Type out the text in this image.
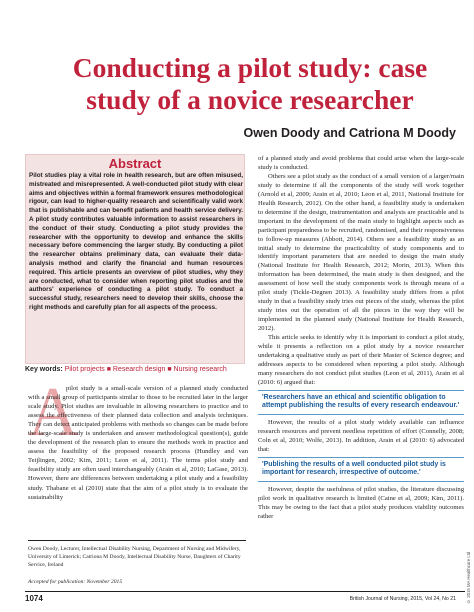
Conducting a pilot study: case study of a novice researcher
Owen Doody and Catriona M Doody
Abstract

Pilot studies play a vital role in health research, but are often misused, mistreated and misrepresented. A well-conducted pilot study with clear aims and objectives within a formal framework ensures methodological rigour, can lead to higher-quality research and scientifically valid work that is publishable and can benefit patients and health service delivery. A pilot study contributes valuable information to assist researchers in the conduct of their study. Conducting a pilot study provides the researcher with the opportunity to develop and enhance the skills necessary before commencing the larger study. By conducting a pilot the researcher obtains preliminary data, can evaluate their data-analysis method and clarify the financial and human resources required. This article presents an overview of pilot studies, why they are conducted, what to consider when reporting pilot studies and the authors' experience of conducting a pilot study. To conduct a successful study, researchers need to develop their skills, choose the right methods and carefully plan for all aspects of the process.

Key words: Pilot projects ■ Research design ■ Nursing research
A

pilot study is a small-scale version of a planned study conducted with a small group of participants similar to those to be recruited later in the larger scale study. Pilot studies are invaluable in allowing researchers to practice and to assess the effectiveness of their planned data collection and analysis techniques. They can detect anticipated problems with methods so changes can be made before the large-scale study is undertaken and answer methodological question(s), guide the development of the research plan to ensure the methods work in practice and assess the feasibility of the proposed research process (Hundley and van Teijlingen, 2002; Kim, 2011; Leon et al, 2011). The terms pilot study and feasibility study are often used interchangeably (Arain et al, 2010; LaGase, 2013). However, there are differences between undertaking a pilot study and a feasibility study. Thabane et al (2010) state that the aim of a pilot study is to evaluate the sustainability

Owen Doody, Lecturer, Intellectual Disability Nursing, Department of Nursing and Midwifery, University of Limerick; Catriona M Doody, Intellectual Disability Nurse, Daughters of Charity Service, Ireland

Accepted for publication: November 2015

of a planned study and avoid problems that could arise when the large-scale study is conducted.

Others see a pilot study as the conduct of a small version of a larger/main study to determine if all the components of the study will work together (Arnold et al, 2009; Arain et al, 2010; Leon et al, 2011, National Institute for Health Research, 2012). On the other hand, a feasibility study is undertaken to determine if the design, instrumentation and analysis are practicable and is important in the development of the main study to highlight aspects such as participant preparedness to be recruited, randomised, and their responsiveness to follow-up measures (Abbott, 2014). Others see a feasibility study as an initial study to determine the practicability of study components and to identify important parameters that are needed to design the main study (National Institute for Health Research, 2012; Morin, 2013). When this information has been determined, the main study is then designed, and the assessment of how well the study components work is through means of a pilot study (Tickle-Degnen 2013). A feasibility study differs from a pilot study in that a feasibility study tries out pieces of the study, whereas the pilot study tries out the operation of all the pieces in the way they will be implemented in the planned study (National Institute for Health Research, 2012).

This article seeks to identify why it is important to conduct a pilot study, while it presents a reflection on a pilot study by a novice researcher undertaking a qualitative study as part of their Master of Science degree; and addresses aspects to be considered when reporting a pilot study. Although many researchers do not conduct pilot studies (Leon et al, 2011), Arain et al (2010: 6) argued that:

'Researchers have an ethical and scientific obligation to attempt publishing the results of every research endeavour.'

However, the results of a pilot study widely available can influence research resources and prevent needless repetition of effort (Connelly, 2008; Coln et al, 2010; Wolfe, 2013). In addition, Arain et al (2010: 6) advocated that:

'Publishing the results of a well conducted pilot study is important for research, irrespective of outcome.'

However, despite the usefulness of pilot studies, the literature discussing pilot work in qualitative research is limited (Caine et al, 2009; Kim, 2011). This may be owing to the fact that a pilot study produces viability outcomes rather

© 2015 MA Healthcare Ltd
1074	British Journal of Nursing, 2015, Vol 24, No 21
